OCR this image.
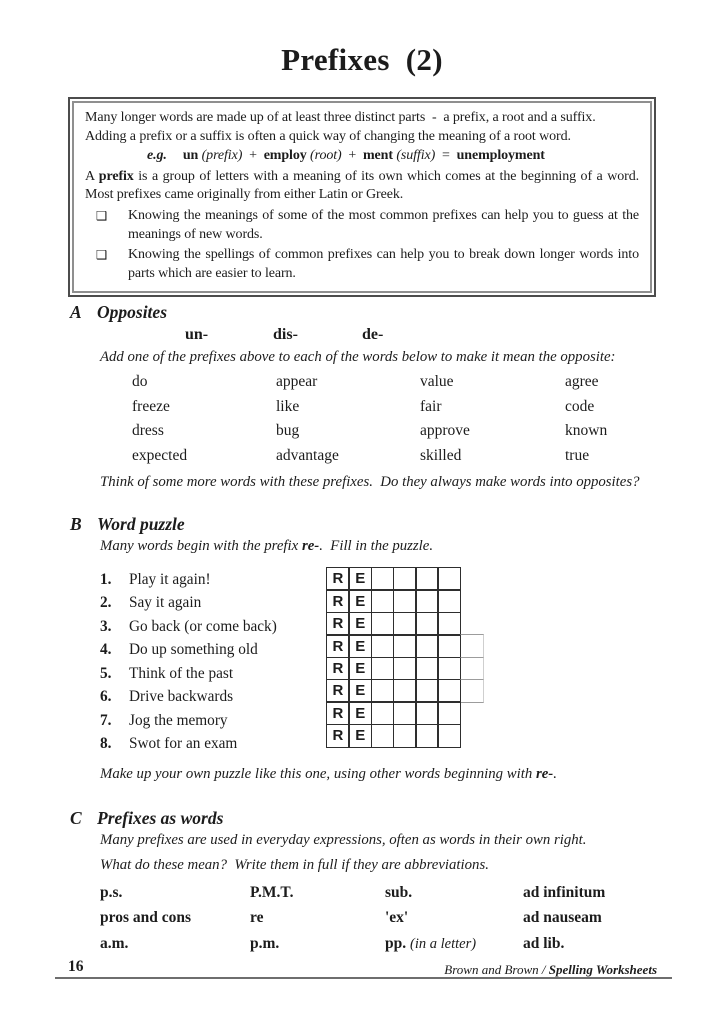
Prefixes  (2)

Many longer words are made up of at least three distinct parts  -  a prefix, a root and a suffix.

Adding a prefix or a suffix is often a quick way of changing the meaning of a root word.

e.g. un (prefix)  +  employ (root)  +  ment (suffix)  =  unemployment

A prefix is a group of letters with a meaning of its own which comes at the beginning of a word. Most prefixes came originally from either Latin or Greek.

❑	Knowing the meanings of some of the most common prefixes can help you to guess at the meanings of new words.

❑	Knowing the spellings of common prefixes can help you to break down longer words into parts which are easier to learn.

A Opposites
un-	dis-	de-
Add one of the prefixes above to each of the words below to make it mean the opposite:
do	appear	value	agree
freeze	like	fair	code
dress	bug	approve	known
expected	advantage	skilled	true
Think of some more words with these prefixes.  Do they always make words into opposites?
B Word puzzle
Many words begin with the prefix re-.  Fill in the puzzle.
1.	Play it again!
2.	Say it again
3.	Go back (or come back)
4.	Do up something old
5.	Think of the past
6.	Drive backwards
7.	Jog the memory
8.	Swot for an exam
R E
R E
R E
R E
R E
R E
R E
R E
Make up your own puzzle like this one, using other words beginning with re-.
C Prefixes as words
Many prefixes are used in everyday expressions, often as words in their own right.
What do these mean?  Write them in full if they are abbreviations.
p.s.	P.M.T.	sub.	ad infinitum
pros and cons	re	'ex'	ad nauseam
a.m.	p.m.	pp. (in a letter)	ad lib.
16	Brown and Brown / Spelling Worksheets
